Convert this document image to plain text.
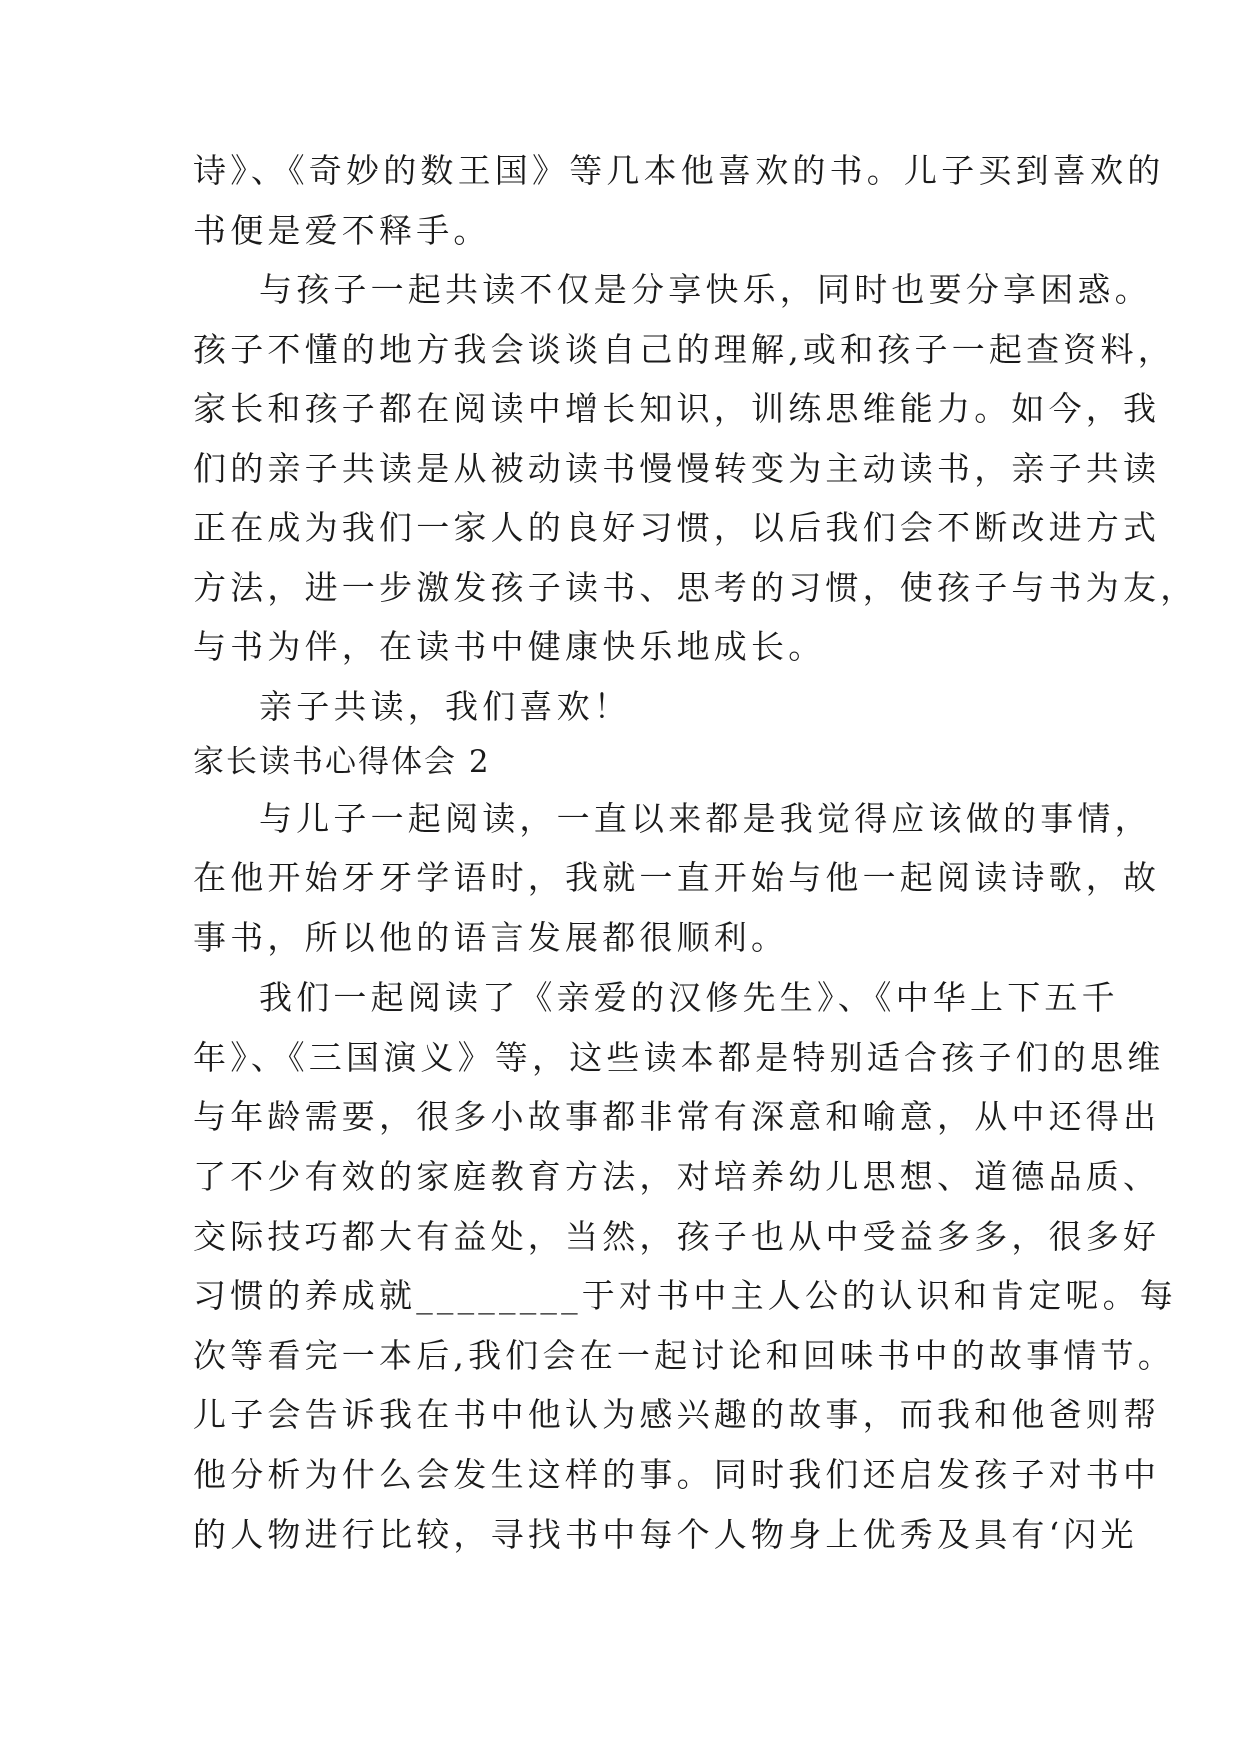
诗》、《奇妙的数王国》等几本他喜欢的书。儿子买到喜欢的
书便是爱不释手。
与孩子一起共读不仅是分享快乐，同时也要分享困惑。
孩子不懂的地方我会谈谈自己的理解,或和孩子一起查资料，
家长和孩子都在阅读中增长知识，训练思维能力。如今，我
们的亲子共读是从被动读书慢慢转变为主动读书，亲子共读
正在成为我们一家人的良好习惯，以后我们会不断改进方式
方法，进一步激发孩子读书、思考的习惯，使孩子与书为友，
与书为伴，在读书中健康快乐地成长。
亲子共读，我们喜欢！
家长读书心得体会 2
与儿子一起阅读，一直以来都是我觉得应该做的事情，
在他开始牙牙学语时，我就一直开始与他一起阅读诗歌，故
事书，所以他的语言发展都很顺利。
我们一起阅读了《亲爱的汉修先生》、《中华上下五千
年》、《三国演义》等，这些读本都是特别适合孩子们的思维
与年龄需要，很多小故事都非常有深意和喻意，从中还得出
了不少有效的家庭教育方法，对培养幼儿思想、道德品质、
交际技巧都大有益处，当然，孩子也从中受益多多，很多好
习惯的养成就________于对书中主人公的认识和肯定呢。每
次等看完一本后,我们会在一起讨论和回味书中的故事情节。
儿子会告诉我在书中他认为感兴趣的故事，而我和他爸则帮
他分析为什么会发生这样的事。同时我们还启发孩子对书中
的人物进行比较，寻找书中每个人物身上优秀及具有‘闪光
